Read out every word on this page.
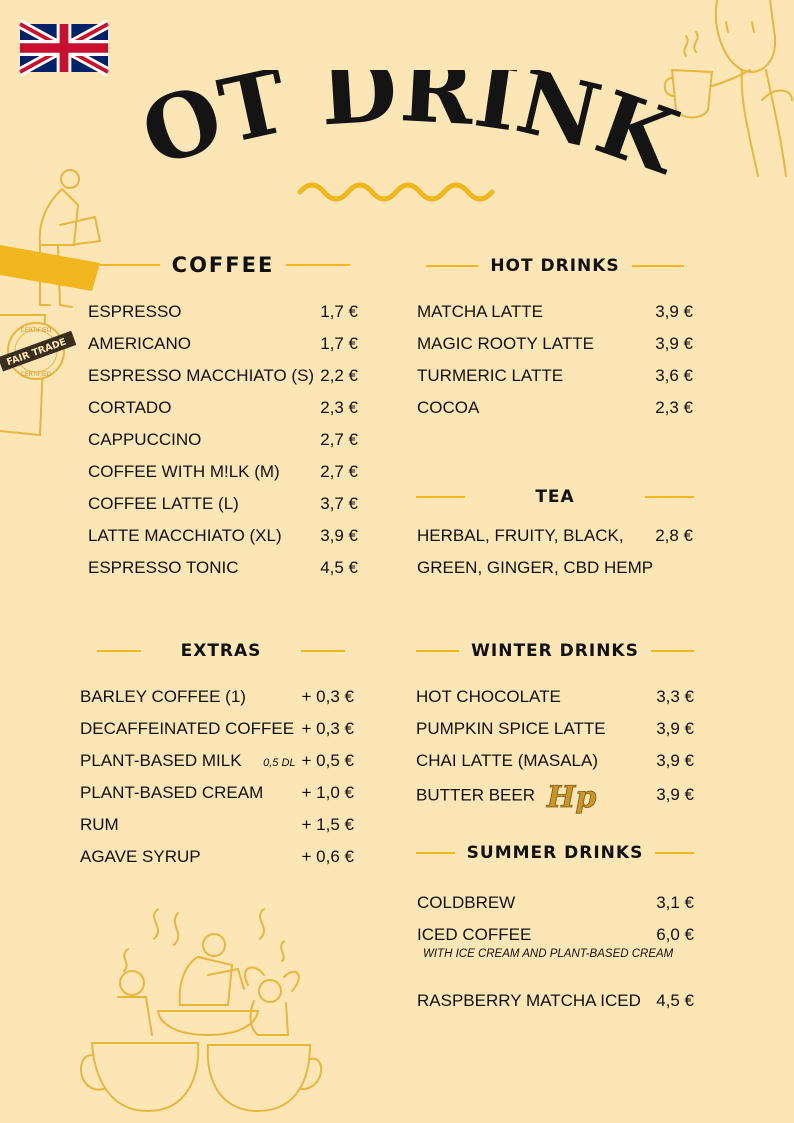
OT DRINK
CERTIFIED
FAIR TRADE
CERTIFIED
COFFEE
ESPRESSO	1,7 €
AMERICANO	1,7 €
ESPRESSO MACCHIATO (S) 2,2 €
CORTADO	2,3 €
CAPPUCCINO	2,7 €
COFFEE WITH M!LK (M) 2,7 €
COFFEE LATTE (L)	3,7 €
LATTE MACCHIATO (XL) 3,9 €
ESPRESSO TONIC	4,5 €
HOT DRINKS
MATCHA LATTE	3,9 €
MAGIC ROOTY LATTE	3,9 €
TURMERIC LATTE	3,6 €
COCOA	2,3 €
TEA
HERBAL, FRUITY, BLACK, 2,8 €
GREEN, GINGER, CBD HEMP
EXTRAS
BARLEY COFFEE (1)	+ 0,3 €
DECAFFEINATED COFFEE + 0,3 €
PLANT-BASED MILK 0,5 DL + 0,5 €
PLANT-BASED CREAM + 1,0 €
RUM	+ 1,5 €
AGAVE SYRUP	+ 0,6 €
WINTER DRINKS
HOT CHOCOLATE	3,3 €
PUMPKIN SPICE LATTE	3,9 €
CHAI LATTE (MASALA)	3,9 €
BUTTER BEER Hp	3,9 €
SUMMER DRINKS
COLDBREW	3,1 €
ICED COFFEE	6,0 €
WITH ICE CREAM AND PLANT-BASED CREAM
RASPBERRY MATCHA ICED 4,5 €
